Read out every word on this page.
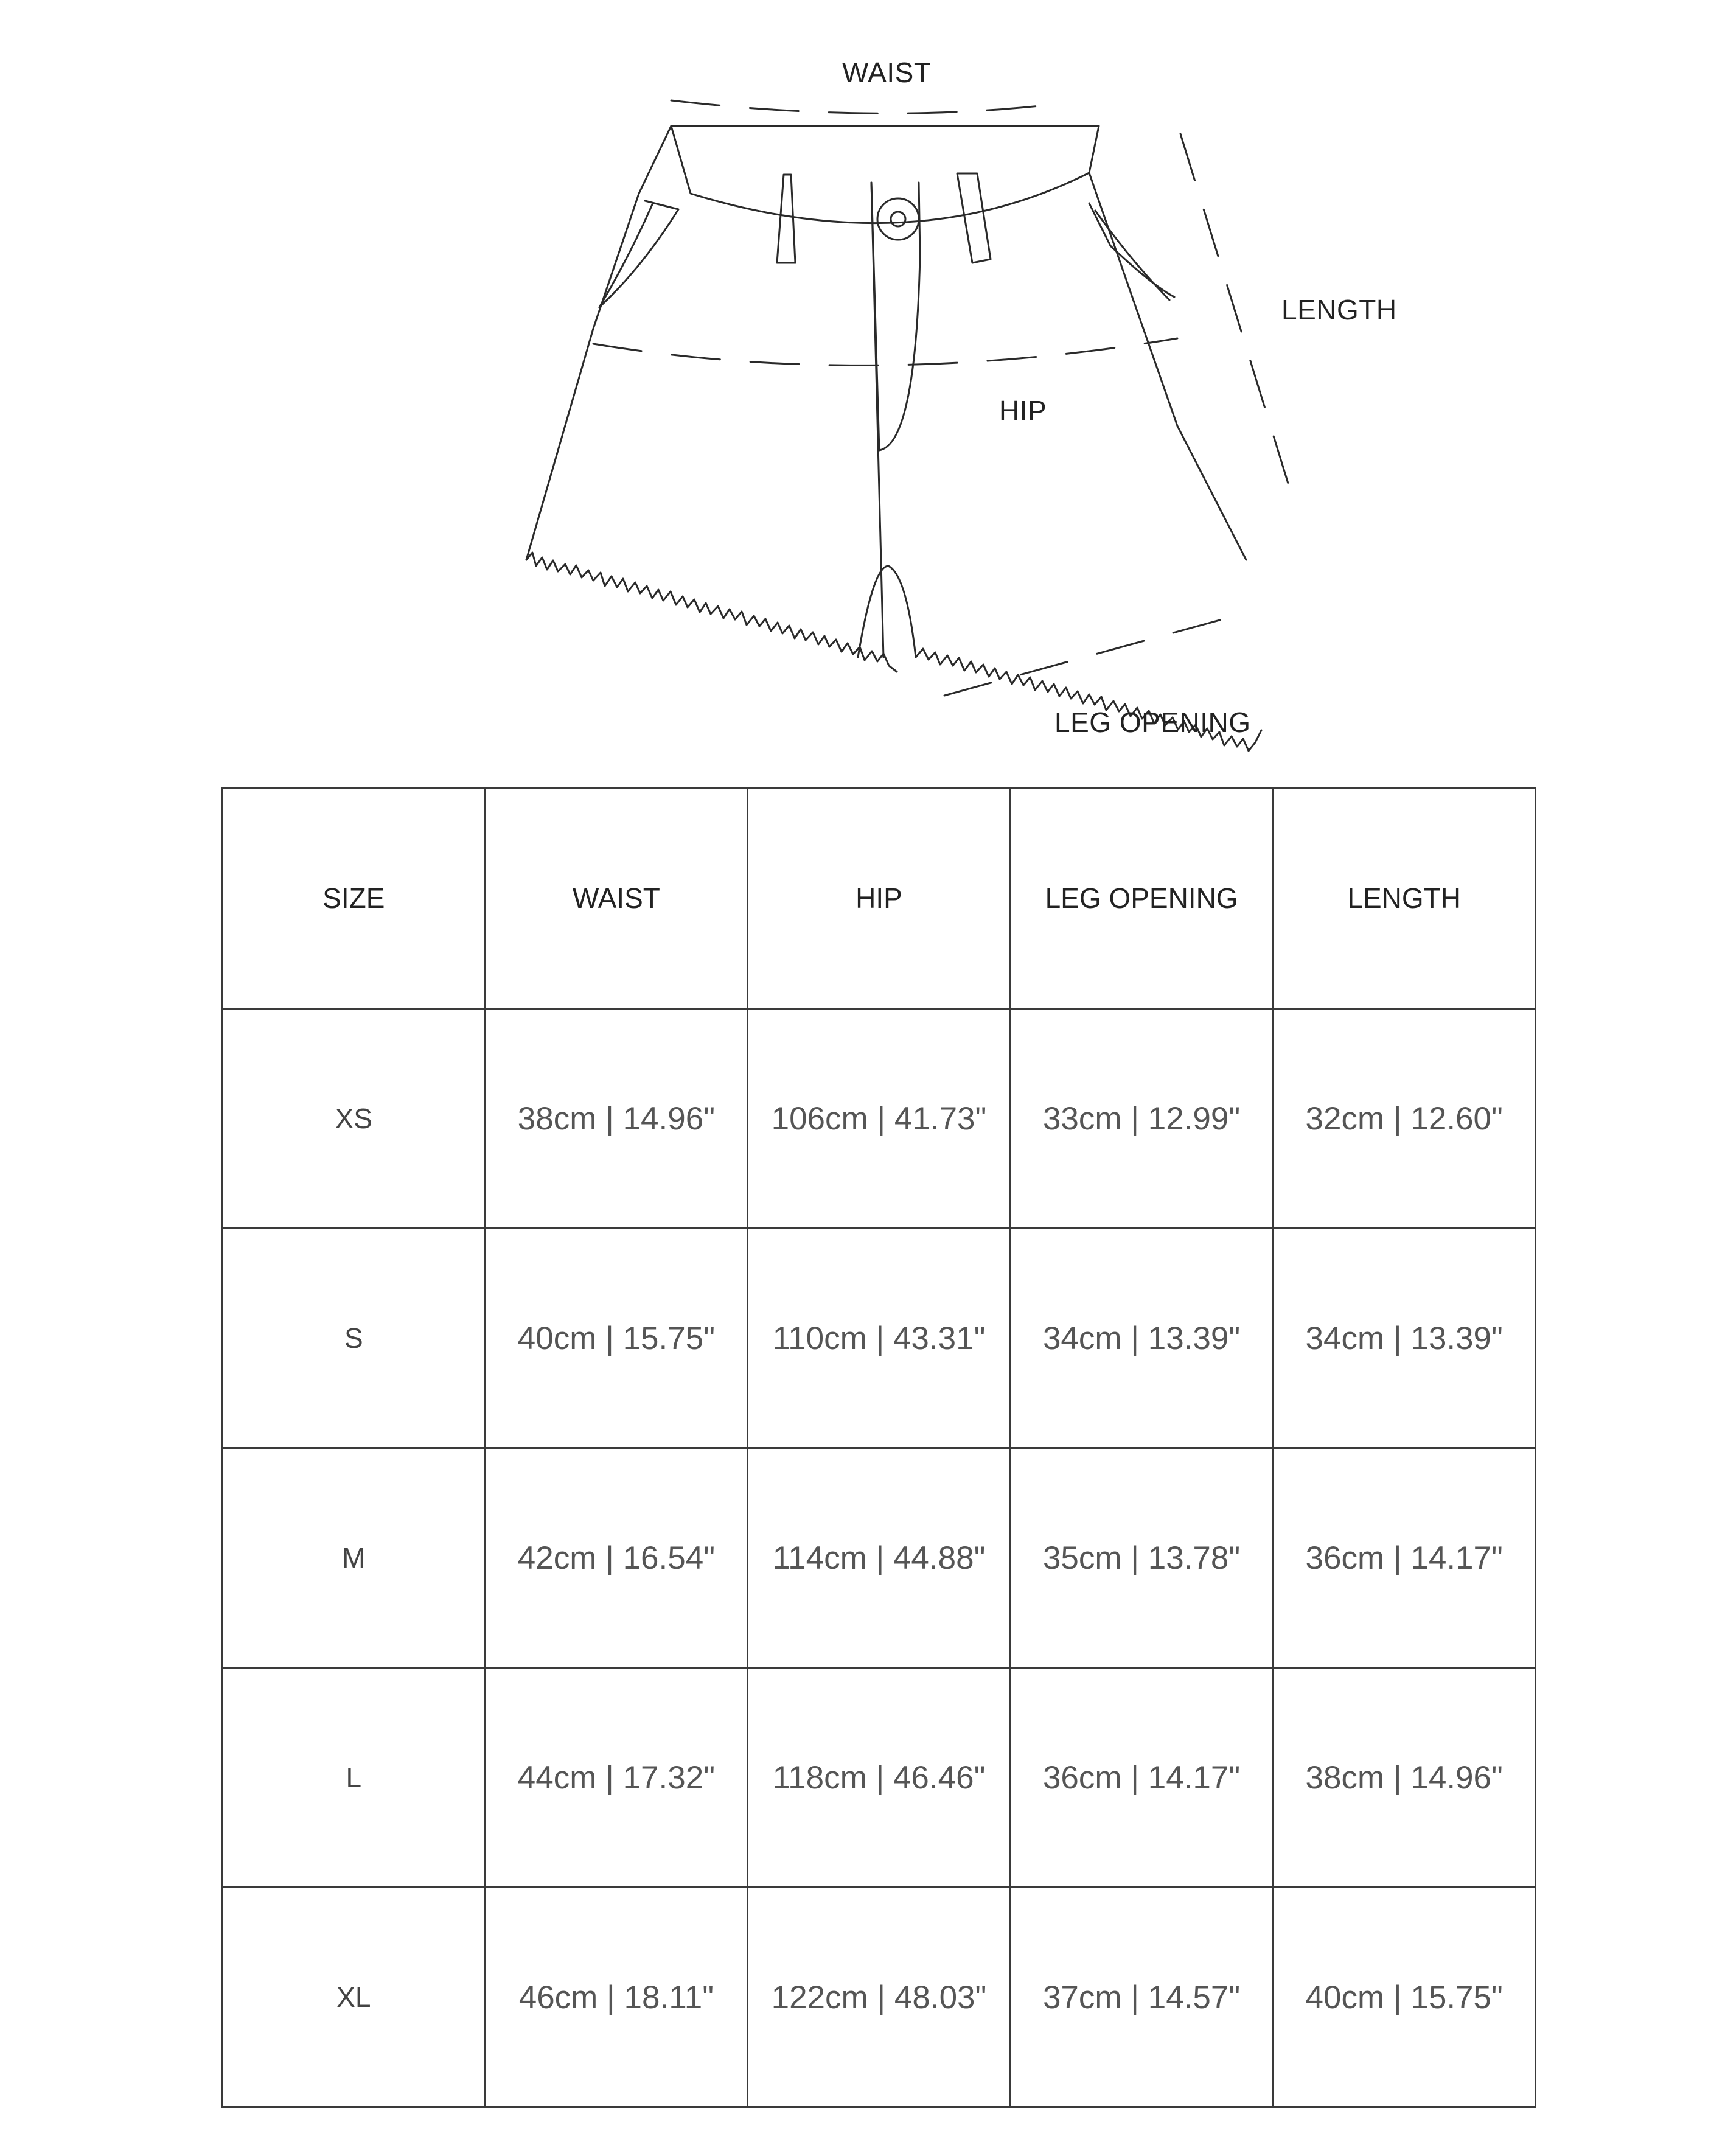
WAIST
LENGTH
HIP
LEG OPENING
SIZE	WAIST	HIP	LEG OPENING	LENGTH
XS	38cm | 14.96"	106cm | 41.73"	33cm | 12.99"	32cm | 12.60"
S	40cm | 15.75"	110cm | 43.31"	34cm | 13.39"	34cm | 13.39"
M	42cm | 16.54"	114cm | 44.88"	35cm | 13.78"	36cm | 14.17"
L	44cm | 17.32"	118cm | 46.46"	36cm | 14.17"	38cm | 14.96"
XL	46cm | 18.11"	122cm | 48.03"	37cm | 14.57"	40cm | 15.75"
